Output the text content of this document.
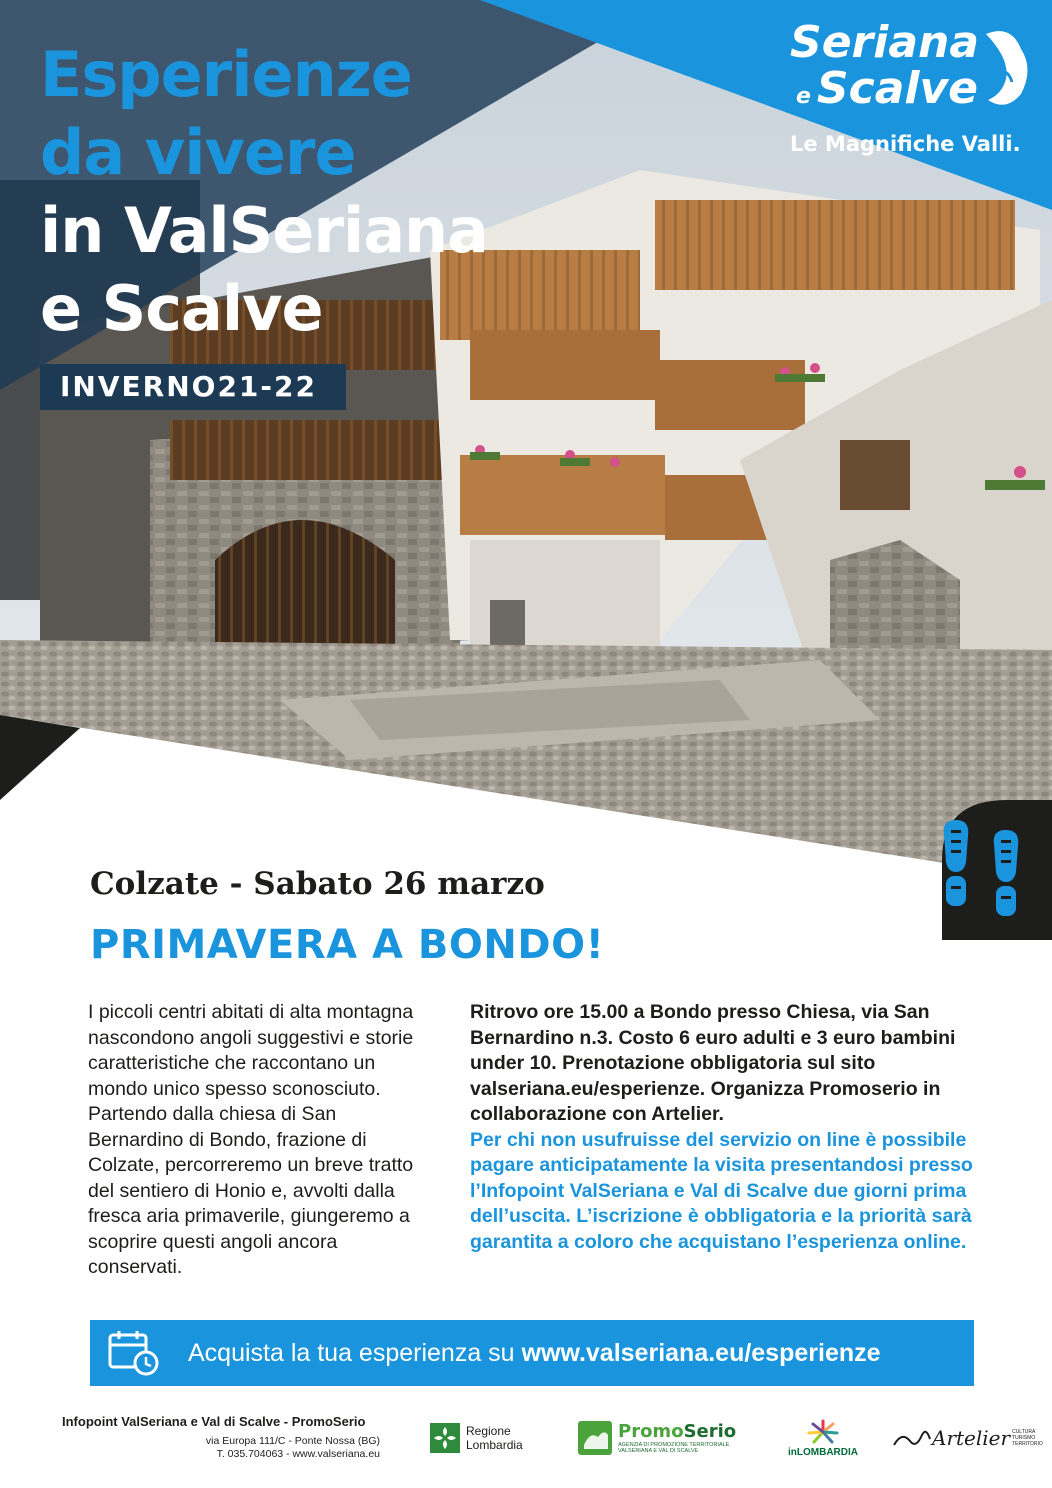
Esperienze
da vivere
in ValSeriana
e Scalve
INVERNO21-22
Seriana
e Scalve
Le Magnifiche Valli.
Colzate - Sabato 26 marzo
PRIMAVERA A BONDO!
I piccoli centri abitati di alta montagna nascondono angoli suggestivi e storie caratteristiche che raccontano un mondo unico spesso sconosciuto. Partendo dalla chiesa di San Bernardino di Bondo, frazione di Colzate, percorreremo un breve tratto del sentiero di Honio e, avvolti dalla fresca aria primaverile, giungeremo a scoprire questi angoli ancora conservati.
Ritrovo ore 15.00 a Bondo presso Chiesa, via San Bernardino n.3. Costo 6 euro adulti e 3 euro bambini under 10. Prenotazione obbligatoria sul sito valseriana.eu/esperienze. Organizza Promoserio in collaborazione con Artelier.
Per chi non usufruisse del servizio on line è possibile pagare anticipatamente la visita presentandosi presso l’Infopoint ValSeriana e Val di Scalve due giorni prima dell’uscita. L’iscrizione è obbligatoria e la priorità sarà garantita a coloro che acquistano l’esperienza online.
Acquista la tua esperienza su www.valseriana.eu/esperienze
Infopoint ValSeriana e Val di Scalve - PromoSerio
via Europa 111/C - Ponte Nossa (BG)
T. 035.704063 - www.valseriana.eu
Regione
Lombardia
PromoSerio
AGENZIA DI PROMOZIONE TERRITORIALE VALSERIANA E VAL DI SCALVE	inLOMBARDIA
Artelier CULTURA TURISMO TERRITORIO
